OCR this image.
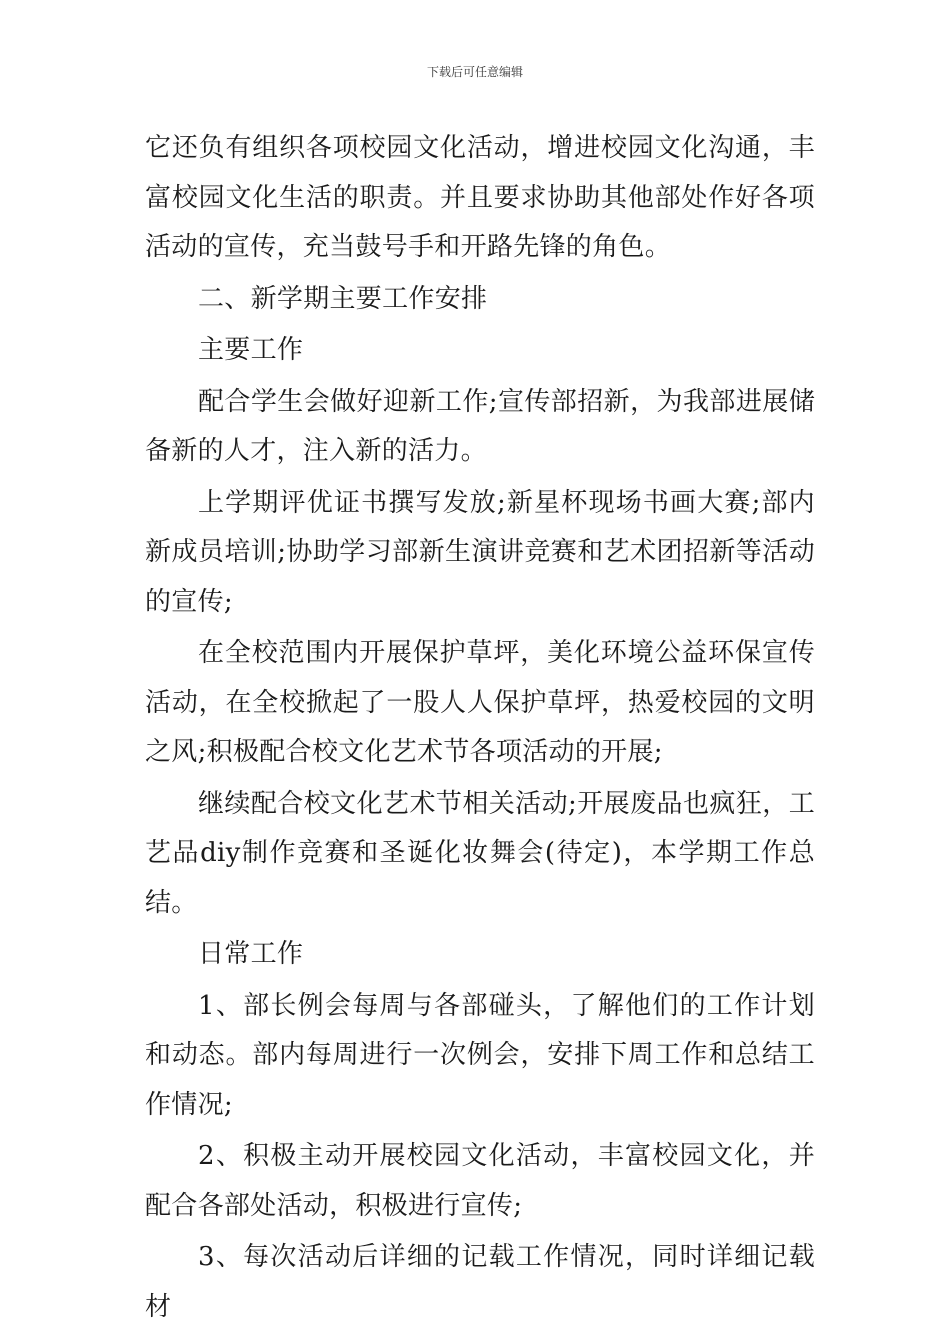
下载后可任意编辑

它还负有组织各项校园文化活动，增进校园文化沟通，丰富校园文化生活的职责。并且要求协助其他部处作好各项活动的宣传，充当鼓号手和开路先锋的角色。

二、新学期主要工作安排

主要工作

配合学生会做好迎新工作;宣传部招新，为我部进展储备新的人才，注入新的活力。

上学期评优证书撰写发放;新星杯现场书画大赛;部内新成员培训;协助学习部新生演讲竞赛和艺术团招新等活动的宣传;

在全校范围内开展保护草坪，美化环境公益环保宣传活动，在全校掀起了一股人人保护草坪，热爱校园的文明之风;积极配合校文化艺术节各项活动的开展;

继续配合校文化艺术节相关活动;开展废品也疯狂，工艺品diy制作竞赛和圣诞化妆舞会(待定)，本学期工作总结。

日常工作

1、部长例会每周与各部碰头，了解他们的工作计划和动态。部内每周进行一次例会，安排下周工作和总结工作情况;

2、积极主动开展校园文化活动，丰富校园文化，并配合各部处活动，积极进行宣传;

3、每次活动后详细的记载工作情况，同时详细记载材
